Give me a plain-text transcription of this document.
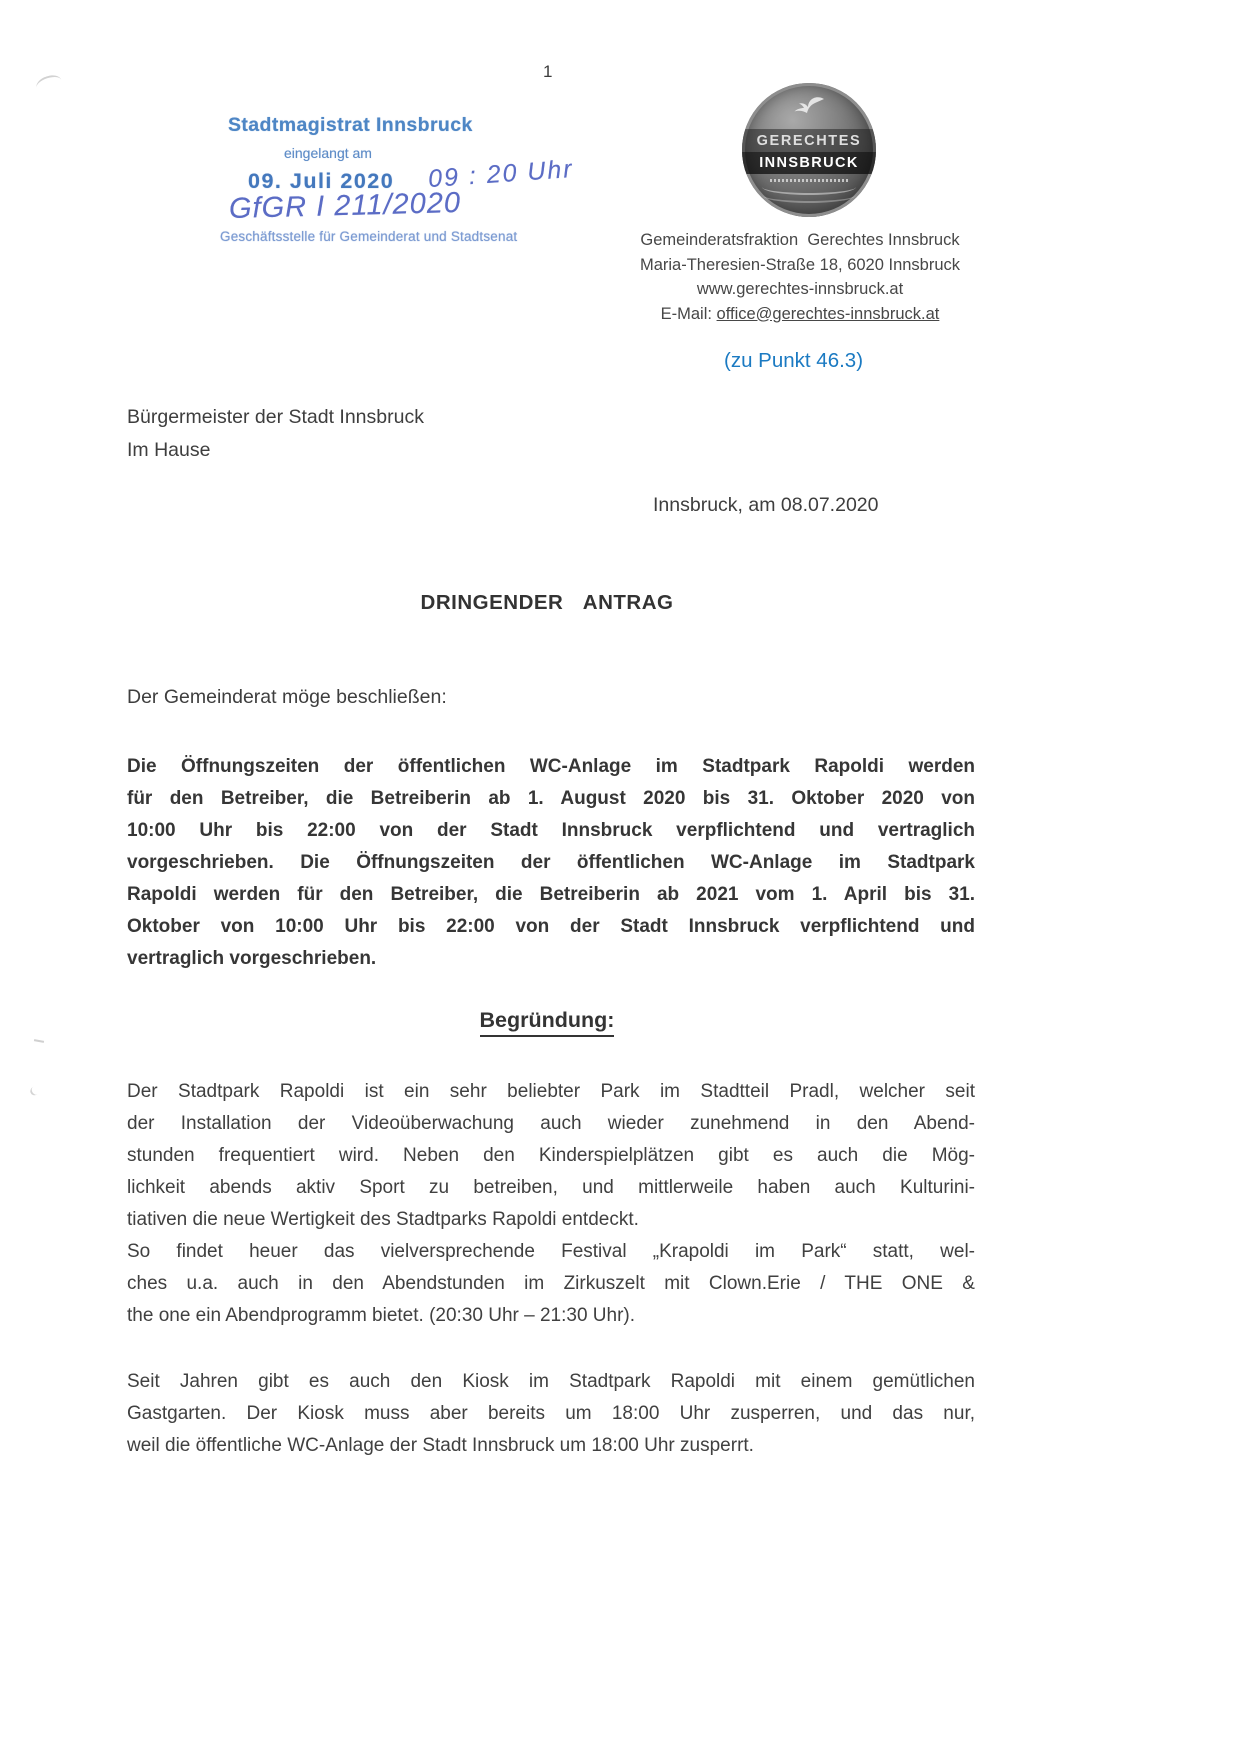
1
Stadtmagistrat Innsbruck
eingelangt am
09. Juli 2020 09 : 20 Uhr
GfGR I 211/2020
Geschäftsstelle für Gemeinderat und Stadtsenat
GERECHTES
INNSBRUCK
Gemeinderatsfraktion  Gerechtes Innsbruck
Maria-Theresien-Straße 18, 6020 Innsbruck
www.gerechtes-innsbruck.at
E-Mail: office@gerechtes-innsbruck.at
(zu Punkt 46.3)
Bürgermeister der Stadt Innsbruck
Im Hause
Innsbruck, am 08.07.2020
DRINGENDER ANTRAG
Der Gemeinderat möge beschließen:
Die Öffnungszeiten der öffentlichen WC-Anlage im Stadtpark Rapoldi werden
für den Betreiber, die Betreiberin ab 1. August 2020 bis 31. Oktober 2020 von
10:00 Uhr bis 22:00 von der Stadt Innsbruck verpflichtend und vertraglich
vorgeschrieben. Die Öffnungszeiten der öffentlichen WC-Anlage im Stadtpark
Rapoldi werden für den Betreiber, die Betreiberin ab 2021 vom 1. April bis 31.
Oktober von 10:00 Uhr bis 22:00 von der Stadt Innsbruck verpflichtend und
vertraglich vorgeschrieben.
Begründung:
Der Stadtpark Rapoldi ist ein sehr beliebter Park im Stadtteil Pradl, welcher seit
der Installation der Videoüberwachung auch wieder zunehmend in den Abend-
stunden frequentiert wird. Neben den Kinderspielplätzen gibt es auch die Mög-
lichkeit abends aktiv Sport zu betreiben, und mittlerweile haben auch Kulturini-
tiativen die neue Wertigkeit des Stadtparks Rapoldi entdeckt.
So findet heuer das vielversprechende Festival „Krapoldi im Park“ statt, wel-
ches u.a. auch in den Abendstunden im Zirkuszelt mit Clown.Erie / THE ONE &
the one ein Abendprogramm bietet. (20:30 Uhr – 21:30 Uhr).
Seit Jahren gibt es auch den Kiosk im Stadtpark Rapoldi mit einem gemütlichen
Gastgarten. Der Kiosk muss aber bereits um 18:00 Uhr zusperren, und das nur,
weil die öffentliche WC-Anlage der Stadt Innsbruck um 18:00 Uhr zusperrt.
